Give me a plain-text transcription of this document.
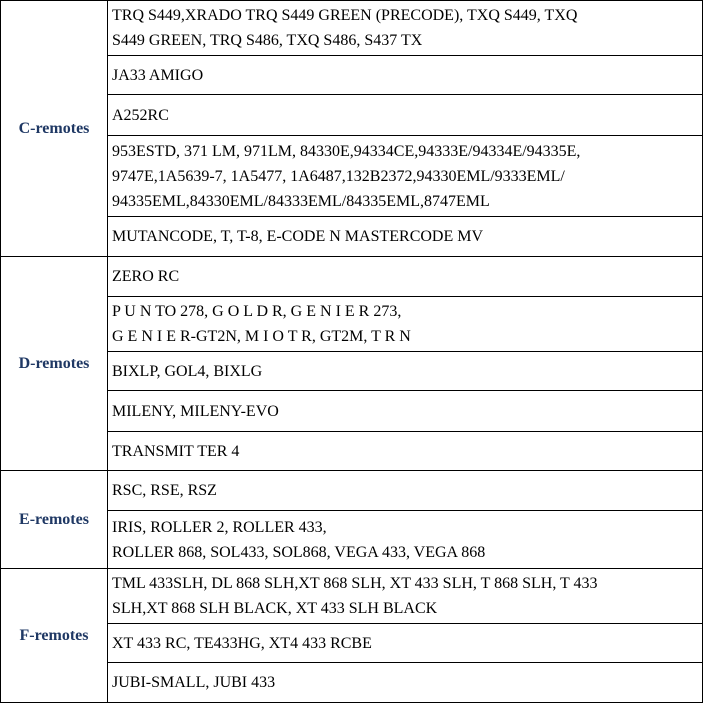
C-remotes	TRQ S449,XRADO TRQ S449 GREEN (PRECODE), TXQ S449, TXQ
S449 GREEN, TRQ S486, TXQ S486, S437 TX
	JA33 AMIGO
	A252RC
	953ESTD, 371 LM, 971LM, 84330E,94334CE,94333E/94334E/94335E,
9747E,1A5639-7, 1A5477, 1A6487,132B2372,94330EML/9333EML/
94335EML,84330EML/84333EML/84335EML,8747EML
	MUTANCODE, T, T-8, E-CODE N MASTERCODE MV
D-remotes	ZERO RC
	P U N TO 278, G O L D R, G E N I E R 273,
G E N I E R-GT2N, M I O T R, GT2M, T R N
	BIXLP, GOL4, BIXLG
	MILENY, MILENY-EVO
	TRANSMIT TER 4
E-remotes	RSC, RSE, RSZ
	IRIS, ROLLER 2, ROLLER 433,
ROLLER 868, SOL433, SOL868, VEGA 433, VEGA 868
F-remotes	TML 433SLH, DL 868 SLH,XT 868 SLH, XT 433 SLH, T 868 SLH, T 433
SLH,XT 868 SLH BLACK, XT 433 SLH BLACK
	XT 433 RC, TE433HG, XT4 433 RCBE
	JUBI-SMALL, JUBI 433
